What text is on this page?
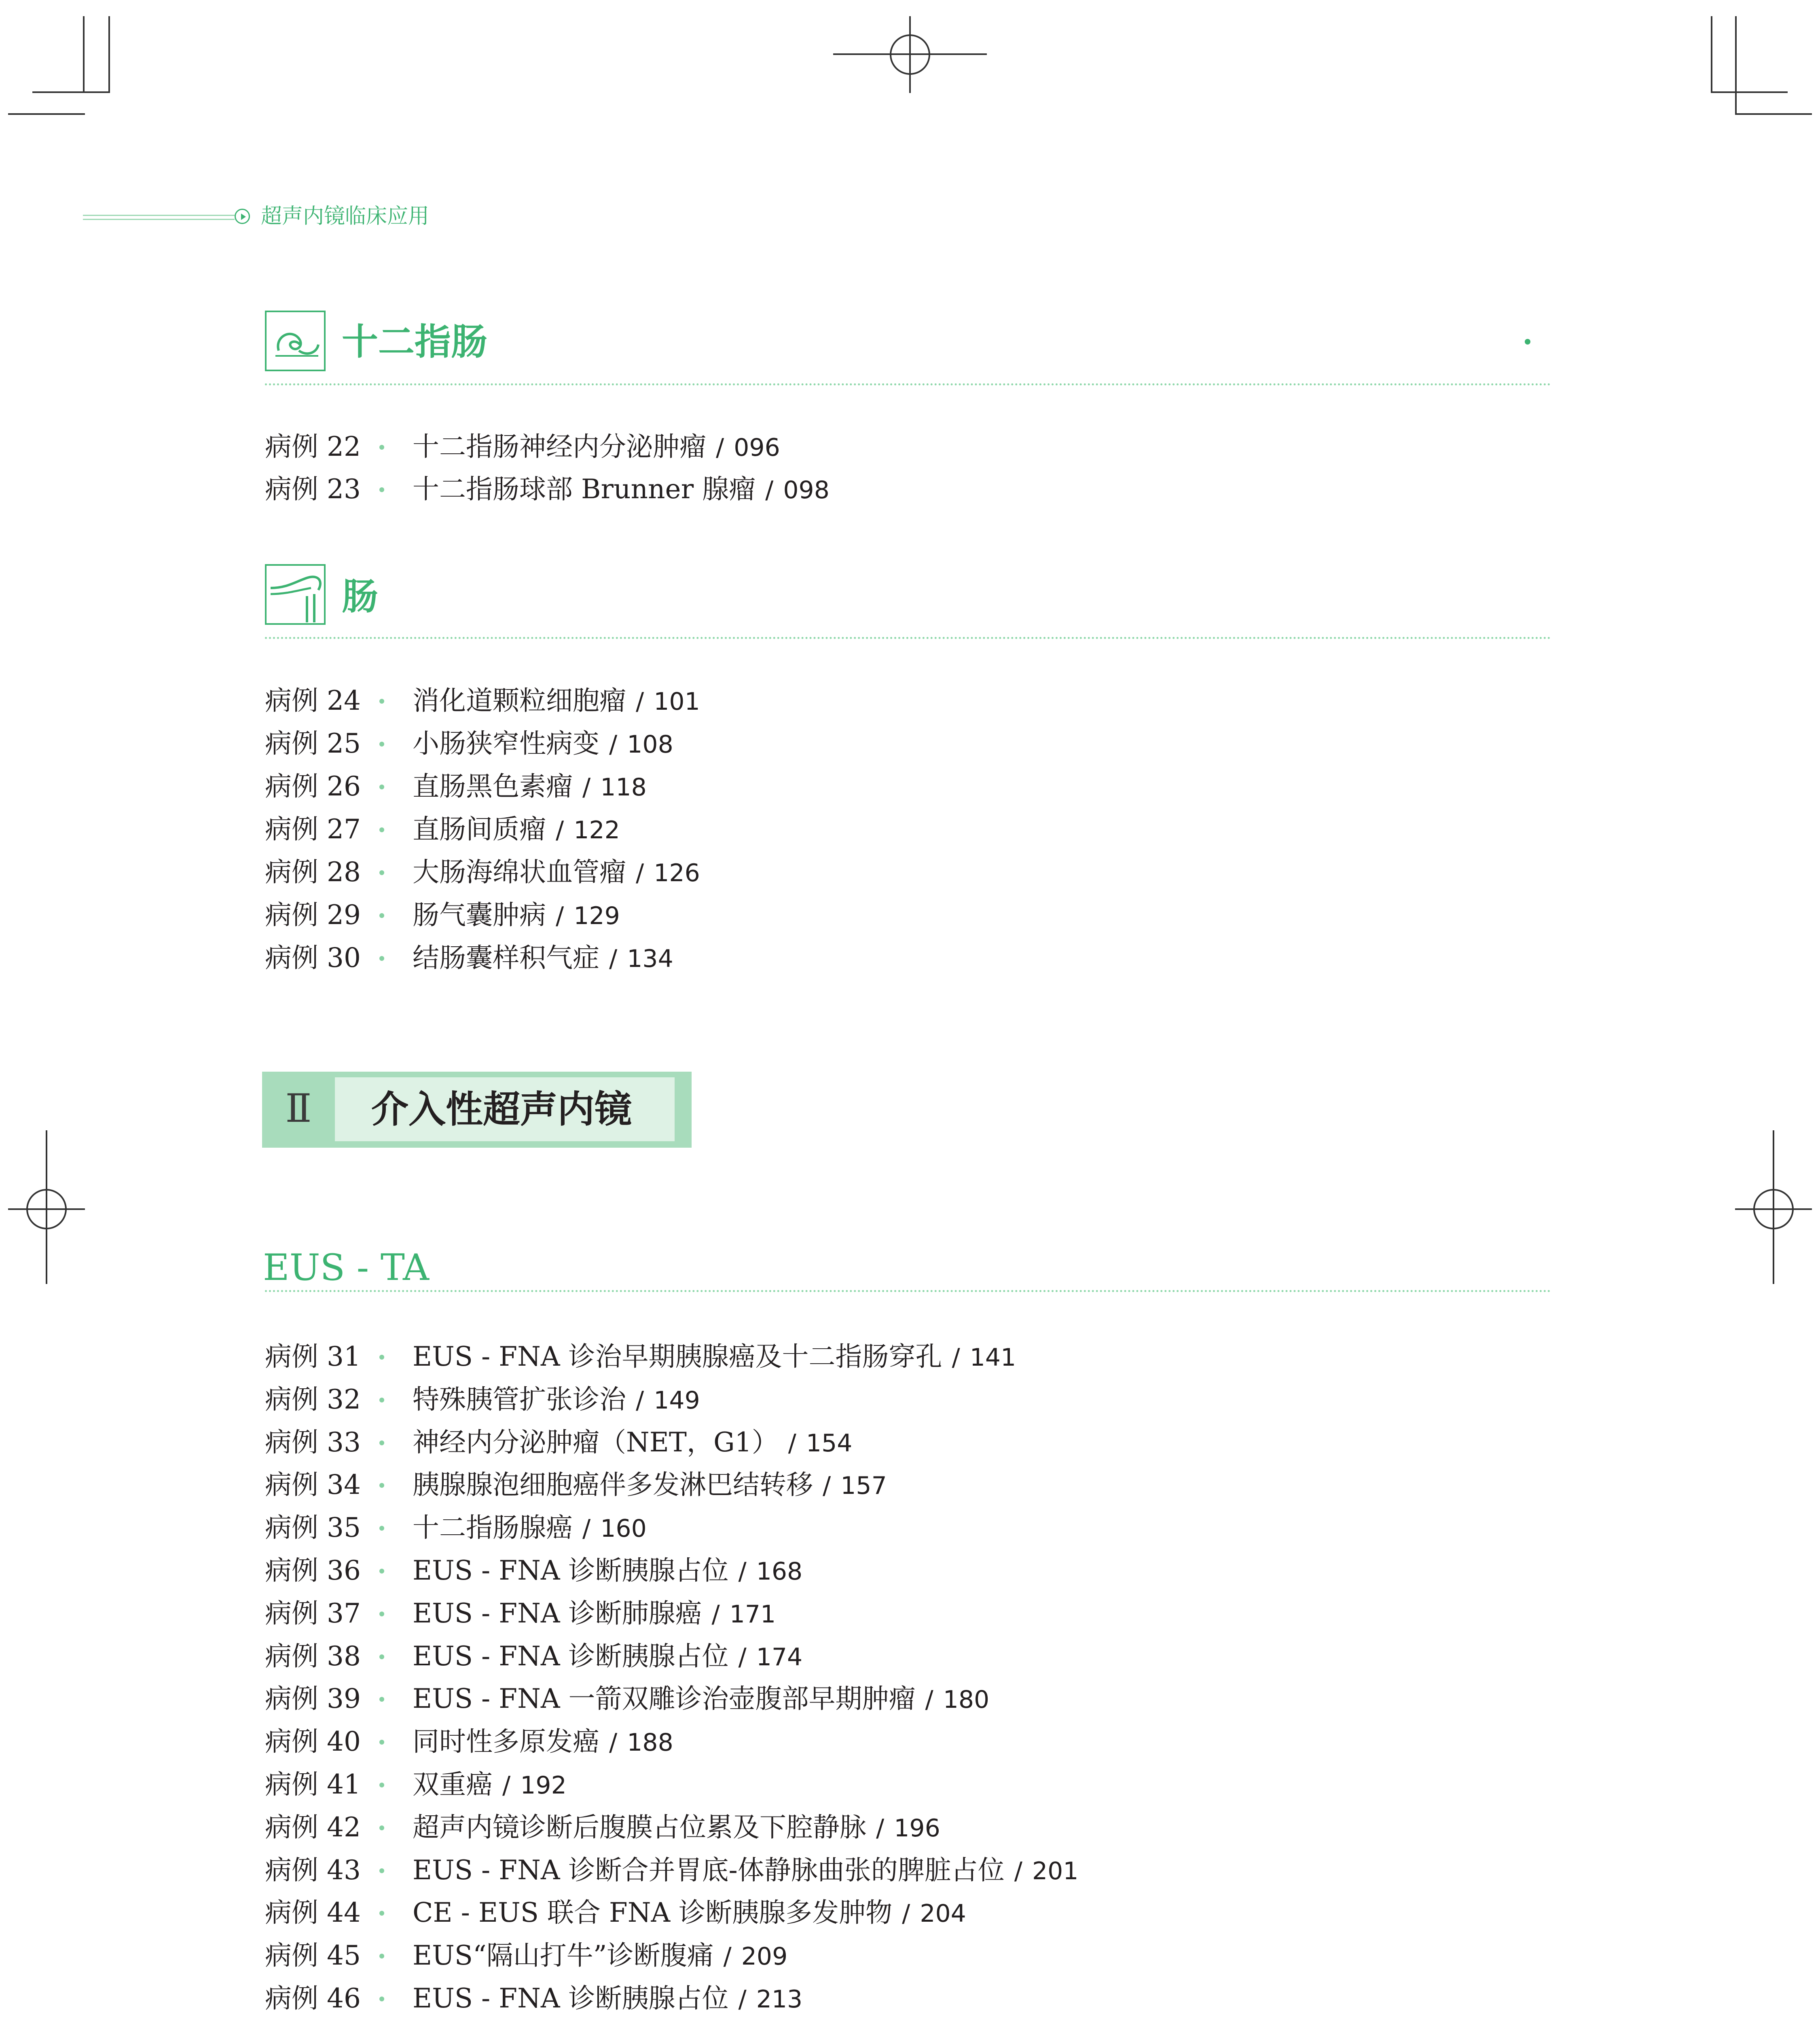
超声内镜临床应用
十二指肠
病例 22 十二指肠神经内分泌肿瘤 / 096
病例 23 十二指肠球部 Brunner 腺瘤 / 098
肠
病例 24 消化道颗粒细胞瘤 / 101
病例 25 小肠狭窄性病变 / 108
病例 26 直肠黑色素瘤 / 118
病例 27 直肠间质瘤 / 122
病例 28 大肠海绵状血管瘤 / 126
病例 29 肠气囊肿病 / 129
病例 30 结肠囊样积气症 / 134
Ⅱ 介入性超声内镜
EUS - TA
病例 31 EUS - FNA 诊治早期胰腺癌及十二指肠穿孔 / 141
病例 32 特殊胰管扩张诊治 / 149
病例 33 神经内分泌肿瘤（NET，G1） / 154
病例 34 胰腺腺泡细胞癌伴多发淋巴结转移 / 157
病例 35 十二指肠腺癌 / 160
病例 36 EUS - FNA 诊断胰腺占位 / 168
病例 37 EUS - FNA 诊断肺腺癌 / 171
病例 38 EUS - FNA 诊断胰腺占位 / 174
病例 39 EUS - FNA 一箭双雕诊治壶腹部早期肿瘤 / 180
病例 40 同时性多原发癌 / 188
病例 41 双重癌 / 192
病例 42 超声内镜诊断后腹膜占位累及下腔静脉 / 196
病例 43 EUS - FNA 诊断合并胃底-体静脉曲张的脾脏占位 / 201
病例 44 CE - EUS 联合 FNA 诊断胰腺多发肿物 / 204
病例 45 EUS“隔山打牛”诊断腹痛 / 209
病例 46 EUS - FNA 诊断胰腺占位 / 213
